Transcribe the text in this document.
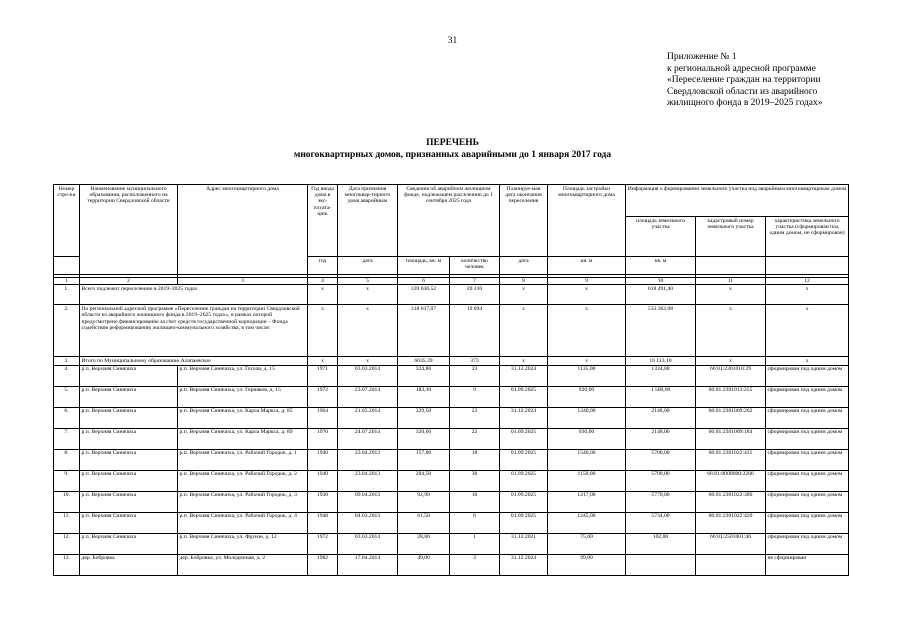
31
Приложение № 1
к региональной адресной программе
«Переселение граждан на территории
Свердловской области из аварийного
жилищного фонда в 2019–2025 годах»
ПЕРЕЧЕНЬ
многоквартирных домов, признанных аварийными до 1 января 2017 года
Номер стро-ки	Наименование муниципального образования, расположенного на территории Свердловской области	Адрес многоквартирного дома	Год ввода дома в экс-плуата-цию	Дата признания многоквар-тирного дома аварийным	Сведения об аварийном жилищном фонде, подлежащем расселению до 1 сентября 2025 года		Планируе-мая дата окончания переселения	Площадь застройки многоквартирного дома	Информация о формировании земельного участка под аварийным многоквартирным домом		
									площадь земельного участка	кадастровый номер земельного участка	характеристика земельного участка (сформирован под одним домом, не сформирован)
			год	дата	площадь, кв. м	количество человек	дата	кв. м	кв. м		

1	2	3	4	5	6	7	8	9	10	11	12
1.	Всего подлежит переселению в 2019–2025 годах		х	х	339 638,52	20 310	х	х	618 491,40	х	х
2.	По региональной адресной программе «Переселение граждан на территории Свердловской области из аварийного жилищного фонда в 2019–2025 годах», в рамках которой предусмотрено финансирование за счет средств государственной корпорации – Фонда содействия реформированию жилищно-коммунального хозяйства, в том числе:		х	х	318 637,07	19 094	х	х	533 362,08	х	х
3.	Итого по Муниципальному образованию Алапаевское		х	х	6035,39	373	х	х	16 113,10	х	х
4.	р.п. Верхняя Синячиха	р.п. Верхняя Синячиха, ул. Гоголя, д. 15	1971	03.03.2014	324,80	23	31.12.2024	1135,00	1334,00	66:01:2301010:39	сформирован под одним домом
5.	р.п. Верхняя Синячиха	р.п. Верхняя Синячиха, ул. Горняков, д. 15	1972	23.07.2014	183,30	9	01.09.2025	920,00	1 500,00	66:01:2301013:255	сформирован под одним домом
6.	р.п. Верхняя Синячиха	р.п. Верхняя Синячиха, ул. Карла Маркса, д. 85	1964	21.05.2014	329,50	23	31.12.2024	1240,00	2148,00	66:01:2301009:202	сформирован под одним домом
7.	р.п. Верхняя Синячиха	р.п. Верхняя Синячиха, ул. Карла Маркса, д. 89	1970	24.07.2014	320,60	22	01.09.2025	930,00	2148,00	66:01:2301009:184	сформирован под одним домом
8.	р.п. Верхняя Синячиха	р.п. Верхняя Синячиха, ул. Рабочий Городок, д. 1	1940	23.04.2013	157,00	18	01.09.2025	1540,00	5700,00	66:01:2301022:435	сформирован под одним домом
9.	р.п. Верхняя Синячиха	р.п. Верхняя Синячиха, ул. Рабочий Городок, д. 2	1940	23.04.2013	204,50	30	01.09.2025	1150,00	5700,00	66:01:0000000:2206	сформирован под одним домом
10.	р.п. Верхняя Синячиха	р.п. Верхняя Синячиха, ул. Рабочий Городок, д. 3	1930	09.04.2013	92,90	10	01.09.2025	1217,00	5770,00	66:01:2301022:300	сформирован под одним домом
11.	р.п. Верхняя Синячиха	р.п. Верхняя Синячиха, ул. Рабочий Городок, д. 4	1948	04.03.2013	61,50	6	01.09.2025	1245,00	5734,00	66:01:2301022:420	сформирован под одним домом
12.	р.п. Верхняя Синячиха	р.п. Верхняя Синячиха, ул. Фрунзе, д. 12	1972	03.03.2014	28,80	1	31.12.2021	75,00	102,00	66:01:2501001:46	сформирован под одним домом
13.	дер. Бобровка	дер. Бобровка, ул. Молодежная, д. 2	1982	17.04.2014	49,00	3	31.12.2024	99,00			не сформирован
